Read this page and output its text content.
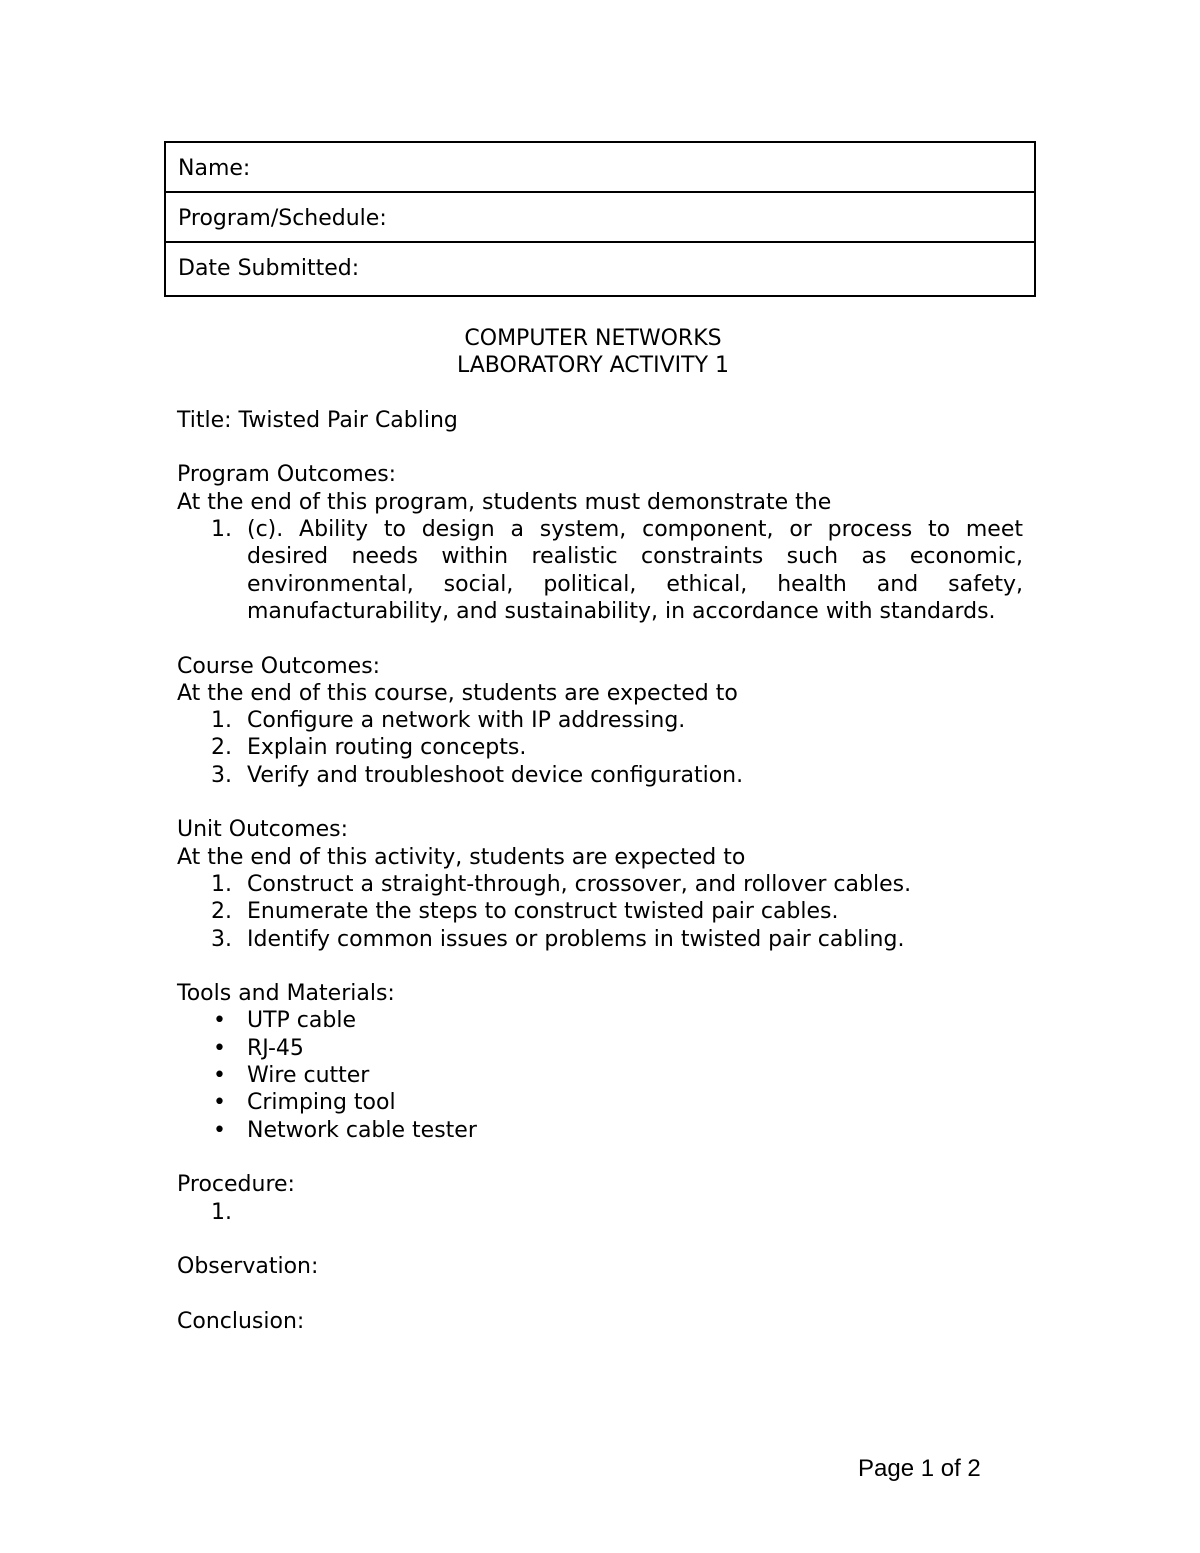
Name:
Program/Schedule:
Date Submitted:
COMPUTER NETWORKS
LABORATORY ACTIVITY 1
Title: Twisted Pair Cabling
Program Outcomes:
At the end of this program, students must demonstrate the
1. (c). Ability to design a system, component, or process to meet desired needs within realistic constraints such as economic, environmental, social, political, ethical, health and safety, manufacturability, and sustainability, in accordance with standards.
Course Outcomes:
At the end of this course, students are expected to
1. Configure a network with IP addressing.
2. Explain routing concepts.
3. Verify and troubleshoot device configuration.
Unit Outcomes:
At the end of this activity, students are expected to
1. Construct a straight-through, crossover, and rollover cables.
2. Enumerate the steps to construct twisted pair cables.
3. Identify common issues or problems in twisted pair cabling.
Tools and Materials:
• UTP cable
• RJ-45
• Wire cutter
• Crimping tool
• Network cable tester
Procedure:
1.

Observation:
Conclusion:
Page 1 of 2
